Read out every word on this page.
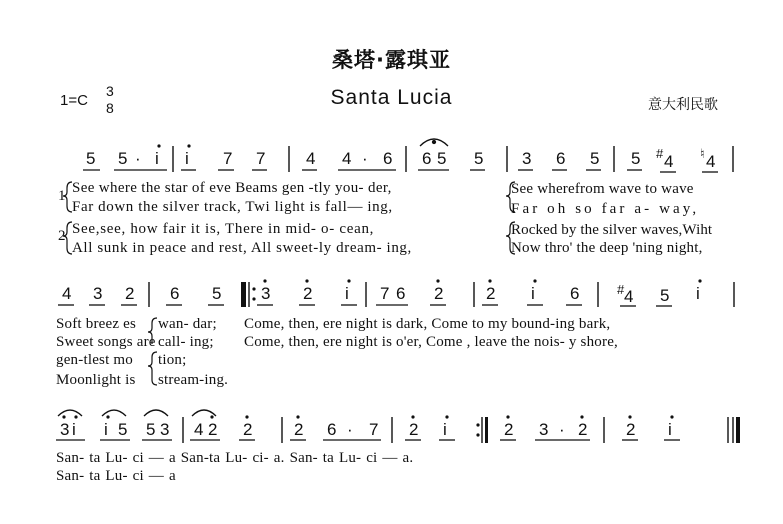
桑塔·露琪亚
Santa Lucia
1=C
3
8	意大利民歌
5 5 · i i 7 7 4 4 · 6 6 5 5 3 6 5 5 # 4 ♮ 4
1
2
See where the star of eve Beams gen -tly you- der,
Far down the silver track, Twi light is fall— ing,
See,see, how fair it is, There in mid- o- cean,
All sunk in peace and rest, All sweet-ly dream- ing,
See wherefrom wave to wave
Far oh so far a- way,
Rocked by the silver waves,Wiht
Now thro' the deep 'ning night,
4 3 2 6 5 3 2 i 7 6 2	2 i 6	# 4 5 i
Soft breez es
Sweet songs are
gen-tlest mo
Moonlight is
wan- dar;
call- ing;
tion;
stream-ing.
Come, then, ere night is dark, Come to my bound-ing bark,
Come, then, ere night is o'er, Come , leave the nois- y shore,
3 i i 5 5 3 4 2 2 2 6 · 7 2 i	2 3 · 2 2 i
San- ta Lu- ci — a San-ta Lu- ci- a. San- ta Lu- ci — a.
San- ta Lu- ci — a
